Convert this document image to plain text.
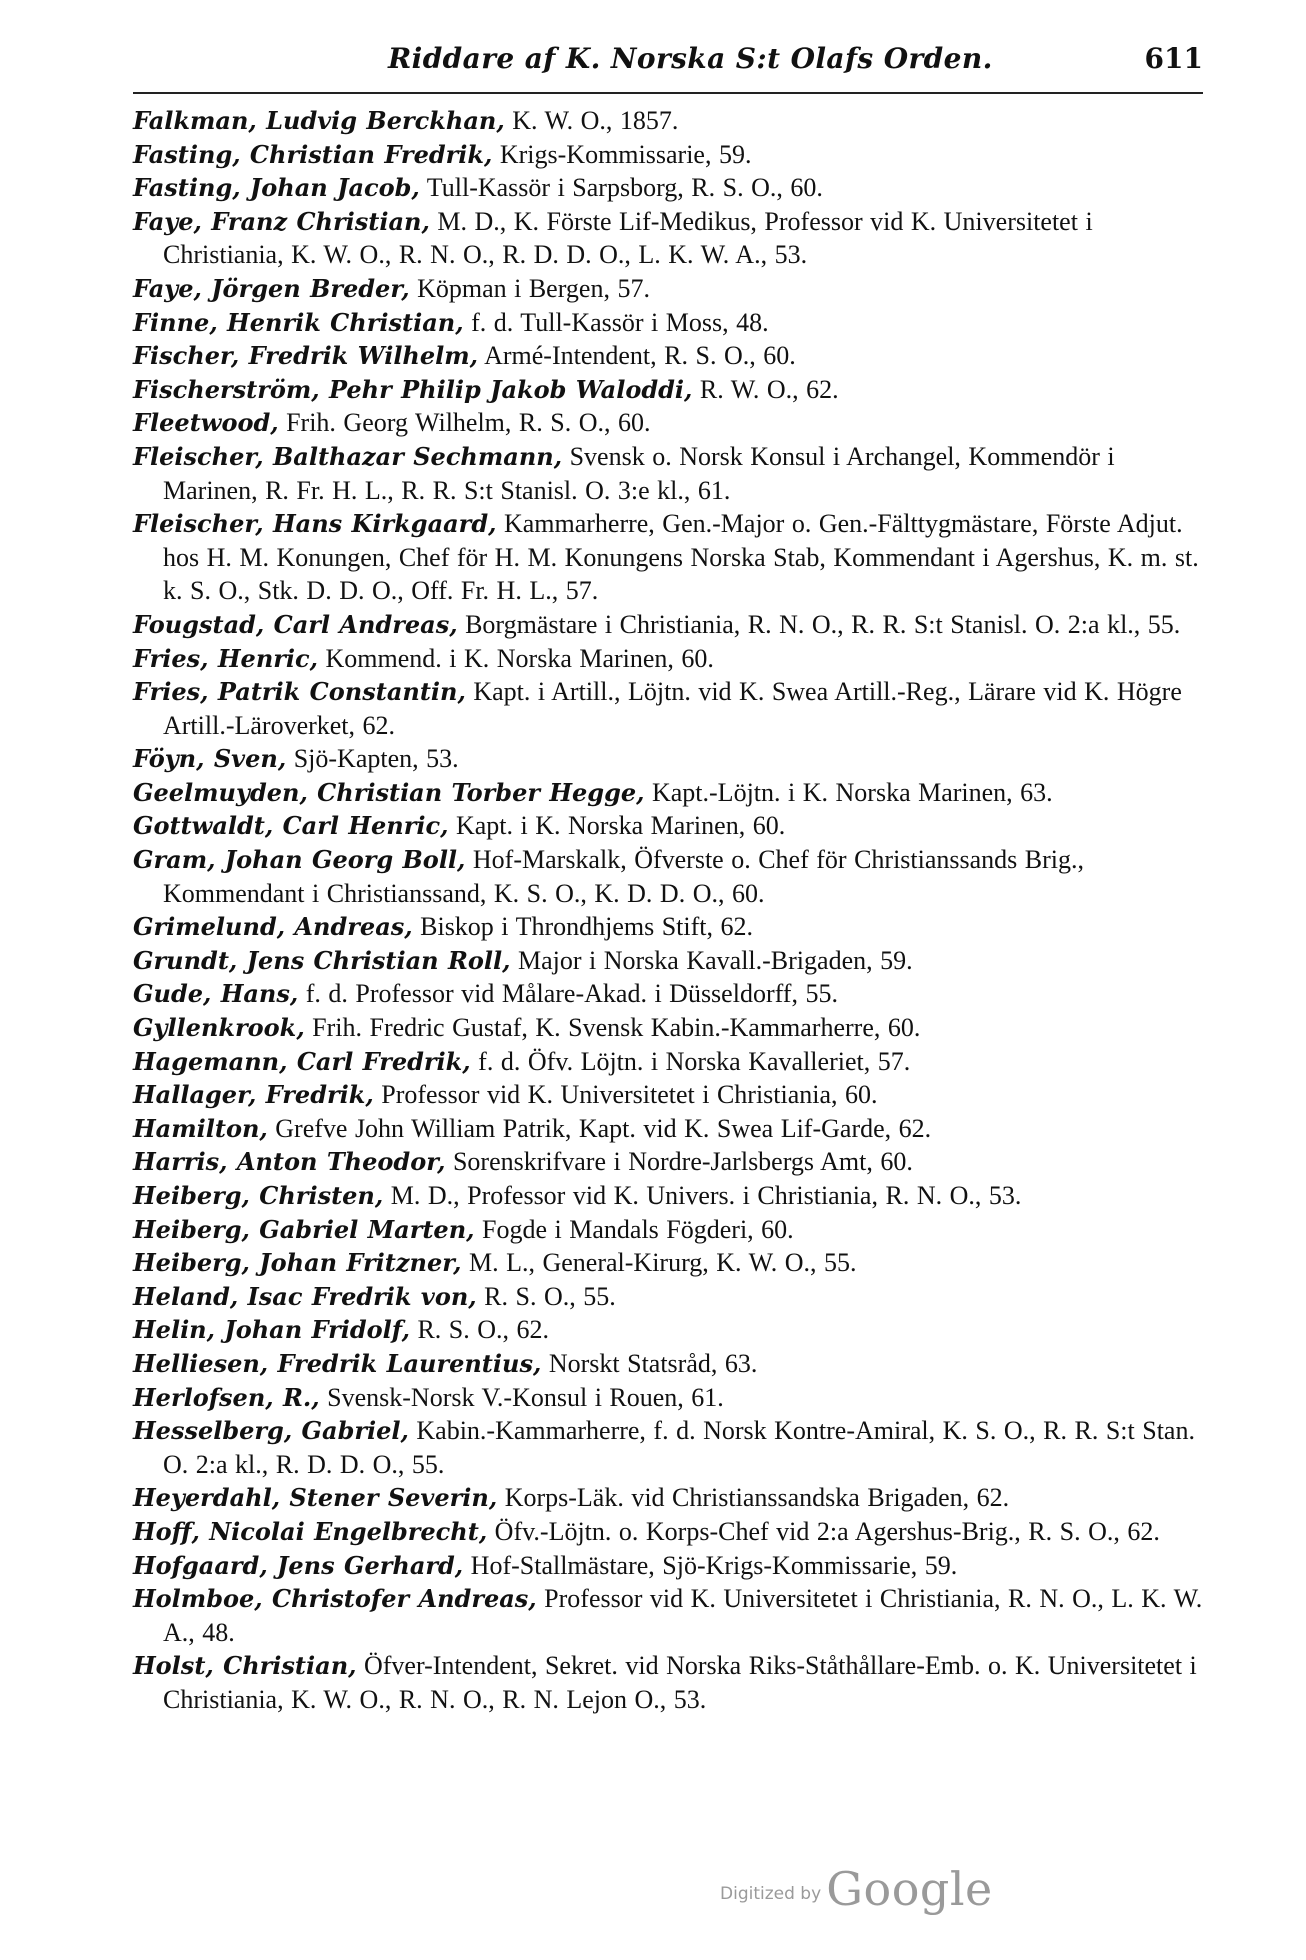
Riddare af K. Norska S:t Olafs Orden.	611
Falkman, Ludvig Berckhan, K. W. O., 1857.
Fasting, Christian Fredrik, Krigs-Kommissarie, 59.
Fasting, Johan Jacob, Tull-Kassör i Sarpsborg, R. S. O., 60.
Faye, Franz Christian, M. D., K. Förste Lif-Medikus, Professor vid K. Universitetet i Christiania, K. W. O., R. N. O., R. D. D. O., L. K. W. A., 53.
Faye, Jörgen Breder, Köpman i Bergen, 57.
Finne, Henrik Christian, f. d. Tull-Kassör i Moss, 48.
Fischer, Fredrik Wilhelm, Armé-Intendent, R. S. O., 60.
Fischerström, Pehr Philip Jakob Waloddi, R. W. O., 62.
Fleetwood, Frih. Georg Wilhelm, R. S. O., 60.
Fleischer, Balthazar Sechmann, Svensk o. Norsk Konsul i Archangel, Kommendör i Marinen, R. Fr. H. L., R. R. S:t Stanisl. O. 3:e kl., 61.
Fleischer, Hans Kirkgaard, Kammarherre, Gen.-Major o. Gen.-Fälttygmästare, Förste Adjut. hos H. M. Konungen, Chef för H. M. Konungens Norska Stab, Kommendant i Agershus, K. m. st. k. S. O., Stk. D. D. O., Off. Fr. H. L., 57.
Fougstad, Carl Andreas, Borgmästare i Christiania, R. N. O., R. R. S:t Stanisl. O. 2:a kl., 55.
Fries, Henric, Kommend. i K. Norska Marinen, 60.
Fries, Patrik Constantin, Kapt. i Artill., Löjtn. vid K. Swea Artill.-Reg., Lärare vid K. Högre Artill.-Läroverket, 62.
Föyn, Sven, Sjö-Kapten, 53.
Geelmuyden, Christian Torber Hegge, Kapt.-Löjtn. i K. Norska Marinen, 63.
Gottwaldt, Carl Henric, Kapt. i K. Norska Marinen, 60.
Gram, Johan Georg Boll, Hof-Marskalk, Öfverste o. Chef för Christianssands Brig., Kommendant i Christianssand, K. S. O., K. D. D. O., 60.
Grimelund, Andreas, Biskop i Throndhjems Stift, 62.
Grundt, Jens Christian Roll, Major i Norska Kavall.-Brigaden, 59.
Gude, Hans, f. d. Professor vid Målare-Akad. i Düsseldorff, 55.
Gyllenkrook, Frih. Fredric Gustaf, K. Svensk Kabin.-Kammarherre, 60.
Hagemann, Carl Fredrik, f. d. Öfv. Löjtn. i Norska Kavalleriet, 57.
Hallager, Fredrik, Professor vid K. Universitetet i Christiania, 60.
Hamilton, Grefve John William Patrik, Kapt. vid K. Swea Lif-Garde, 62.
Harris, Anton Theodor, Sorenskrifvare i Nordre-Jarlsbergs Amt, 60.
Heiberg, Christen, M. D., Professor vid K. Univers. i Christiania, R. N. O., 53.
Heiberg, Gabriel Marten, Fogde i Mandals Fögderi, 60.
Heiberg, Johan Fritzner, M. L., General-Kirurg, K. W. O., 55.
Heland, Isac Fredrik von, R. S. O., 55.
Helin, Johan Fridolf, R. S. O., 62.
Helliesen, Fredrik Laurentius, Norskt Statsråd, 63.
Herlofsen, R., Svensk-Norsk V.-Konsul i Rouen, 61.
Hesselberg, Gabriel, Kabin.-Kammarherre, f. d. Norsk Kontre-Amiral, K. S. O., R. R. S:t Stan. O. 2:a kl., R. D. D. O., 55.
Heyerdahl, Stener Severin, Korps-Läk. vid Christianssandska Brigaden, 62.
Hoff, Nicolai Engelbrecht, Öfv.-Löjtn. o. Korps-Chef vid 2:a Agershus-Brig., R. S. O., 62.
Hofgaard, Jens Gerhard, Hof-Stallmästare, Sjö-Krigs-Kommissarie, 59.
Holmboe, Christofer Andreas, Professor vid K. Universitetet i Christiania, R. N. O., L. K. W. A., 48.
Holst, Christian, Öfver-Intendent, Sekret. vid Norska Riks-Ståthållare-Emb. o. K. Universitetet i Christiania, K. W. O., R. N. O., R. N. Lejon O., 53.
Digitized by Google
